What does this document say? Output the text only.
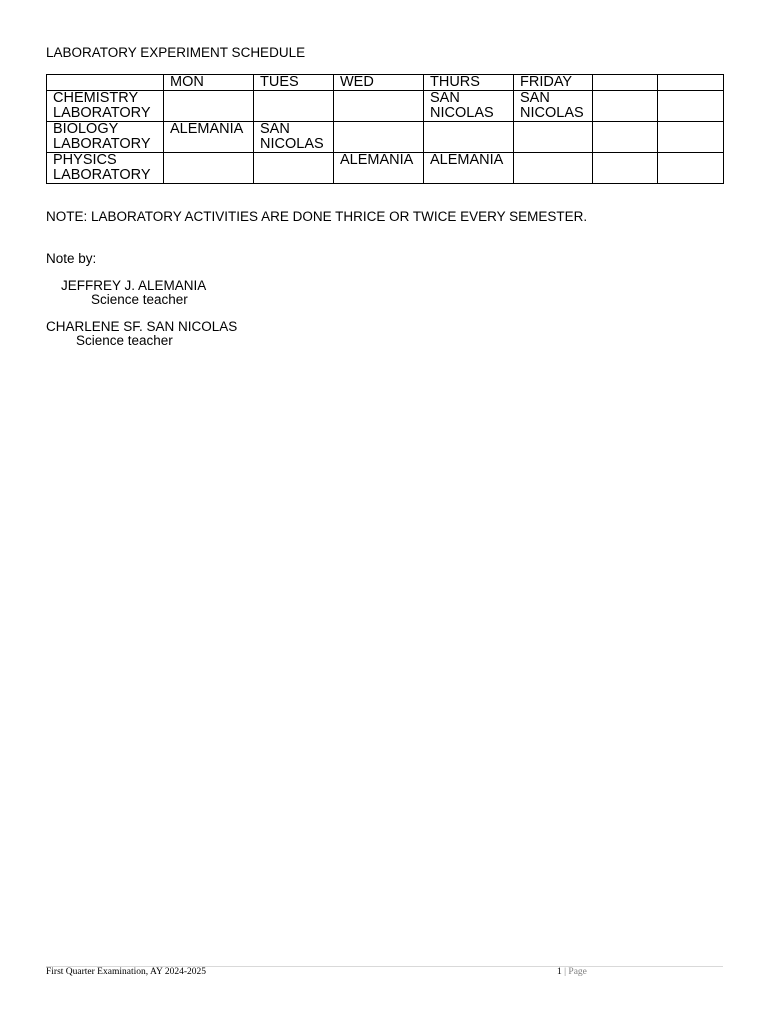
LABORATORY EXPERIMENT SCHEDULE
	MON	TUES	WED	THURS	FRIDAY		
CHEMISTRY LABORATORY				SAN NICOLAS	SAN NICOLAS		
BIOLOGY LABORATORY	ALEMANIA	SAN NICOLAS					
PHYSICS LABORATORY			ALEMANIA	ALEMANIA			

NOTE: LABORATORY ACTIVITIES ARE DONE THRICE OR TWICE EVERY SEMESTER.

Note by:

JEFFREY J. ALEMANIA
Science teacher
CHARLENE SF. SAN NICOLAS
Science teacher
First Quarter Examination, AY 2024-2025	1 | Page
